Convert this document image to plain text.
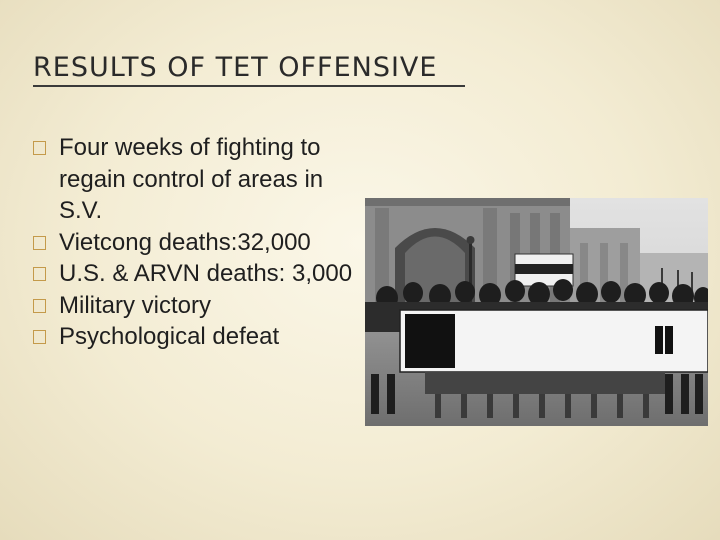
RESULTS OF TET OFFENSIVE
Four weeks of fighting to regain control of areas in S.V.
Vietcong deaths:32,000
U.S. & ARVN deaths: 3,000
Military victory
Psychological defeat
